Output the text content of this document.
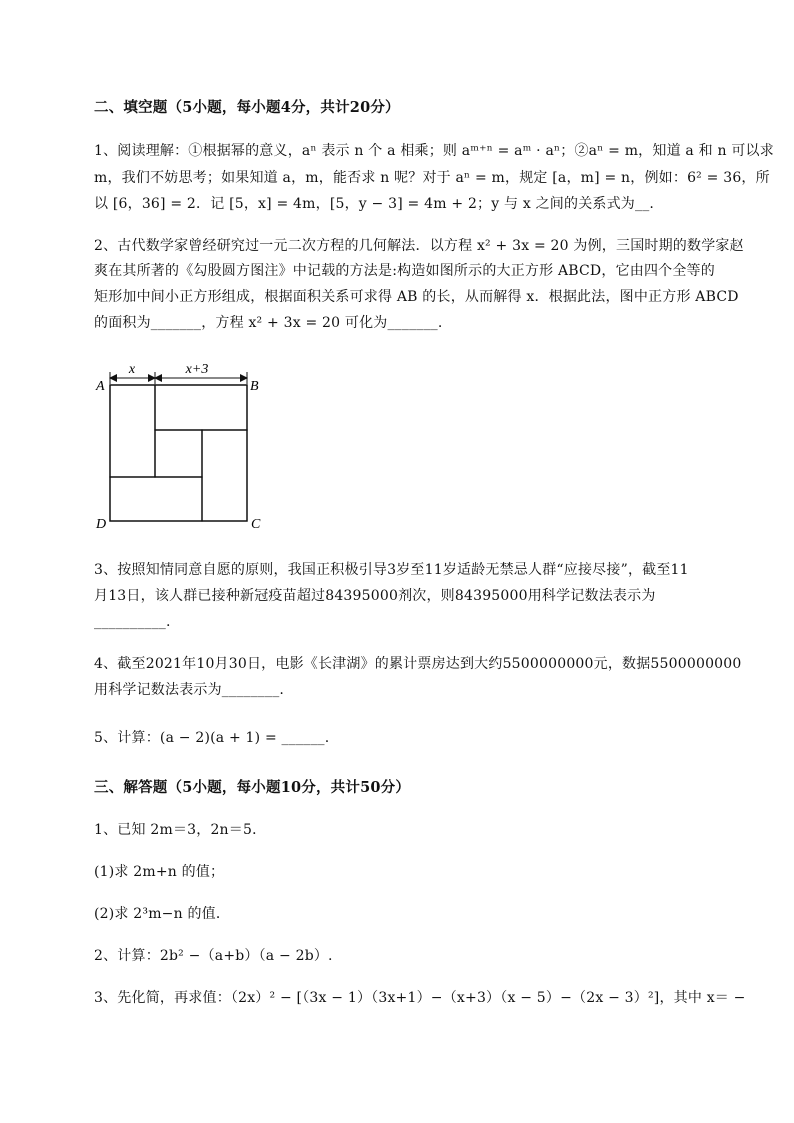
二、填空题（5小题，每小题4分，共计20分）
1、阅读理解：①根据幂的意义，aⁿ 表示 n 个 a 相乘；则 aᵐ⁺ⁿ = aᵐ · aⁿ；②aⁿ = m，知道 a 和 n 可以求
m，我们不妨思考；如果知道 a，m，能否求 n 呢？对于 aⁿ = m，规定 [a，m] = n，例如：6² = 36，所
以 [6，36] = 2．记 [5，x] = 4m，[5，y − 3] = 4m + 2；y 与 x 之间的关系式为__.
2、古代数学家曾经研究过一元二次方程的几何解法．以方程 x² + 3x = 20 为例，三国时期的数学家赵
爽在其所著的《勾股圆方图注》中记载的方法是:构造如图所示的大正方形 ABCD，它由四个全等的
矩形加中间小正方形组成，根据面积关系可求得 AB 的长，从而解得 x．根据此法，图中正方形 ABCD
的面积为_______，方程 x² + 3x = 20 可化为_______.
x	x+3
A	B
C
D
3、按照知情同意自愿的原则，我国正积极引导3岁至11岁适龄无禁忌人群“应接尽接”，截至11
月13日，该人群已接种新冠疫苗超过84395000剂次，则84395000用科学记数法表示为
__________.
4、截至2021年10月30日，电影《长津湖》的累计票房达到大约5500000000元，数据5500000000
用科学记数法表示为________.
5、计算：(a − 2)(a + 1) = ______.
三、解答题（5小题，每小题10分，共计50分）
1、已知 2m＝3，2n＝5．
(1)求 2m+n 的值；
(2)求 2³m−n 的值．
2、计算：2b² −（a+b）（a − 2b）.
3、先化简，再求值：（2x）² − [（3x − 1）（3x+1）−（x+3）（x − 5）−（2x − 3）²]，其中 x＝ −
